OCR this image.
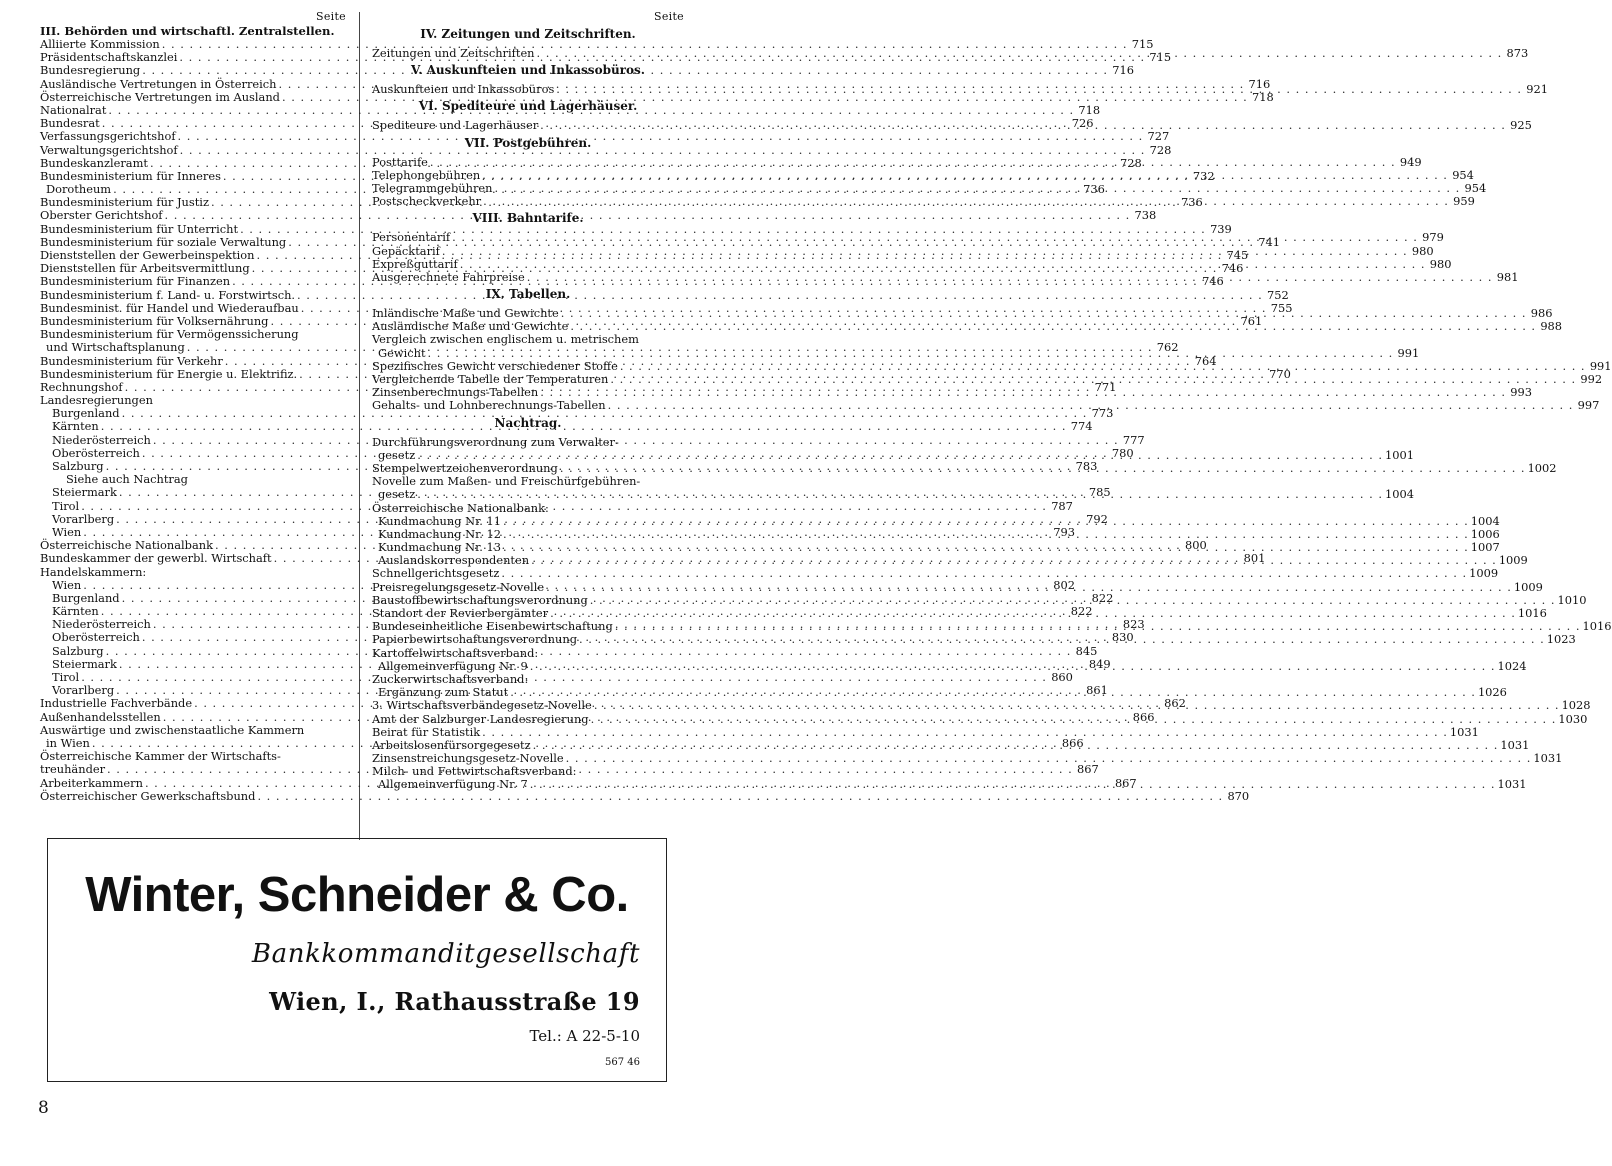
Seite
III. Behörden und wirtschaftl. Zentralstellen.
Alliierte Kommission . . .	715
Präsidentschaftskanzlei . . .	715
Bundesregierung . . .	716
Ausländische Vertretungen in Österreich . . .	716
Österreichische Vertretungen im Ausland . . .	718
Nationalrat . . .	718
Bundesrat . . .	726
Verfassungsgerichtshof . . .	727
Verwaltungsgerichtshof . . .	728
Bundeskanzleramt . . .	728
Bundesministerium für Inneres . . .	732
Dorotheum . . .	736
Bundesministerium für Justiz . . .	736
Oberster Gerichtshof . . .	738
Bundesministerium für Unterricht . . .	739
Bundesministerium für soziale Verwaltung . . .	741
Dienststellen der Gewerbeinspektion . . .	745
Dienststellen für Arbeitsvermittlung . . .	746
Bundesministerium für Finanzen . . .	746
Bundesministerium f. Land- u. Forstwirtsch. . . .	752
Bundesminist. für Handel und Wiederaufbau . . .	755
Bundesministerium für Volksernährung . . .	761
Bundesministerium für Vermögenssicherung
und Wirtschaftsplanung . . .	762
Bundesministerium für Verkehr . . .	764
Bundesministerium für Energie u. Elektrifiz. . . .	770
Rechnungshof . . .	771
Landesregierungen
Burgenland . . .	773
Kärnten . . .	774
Niederösterreich . . .	777
Oberösterreich . . .	780
Salzburg . . .	783
Siehe auch Nachtrag
Steiermark . . .	785
Tirol . . .	787
Vorarlberg . . .	792
Wien . . .	793
Österreichische Nationalbank . . .	800
Bundeskammer der gewerbl. Wirtschaft . . .	801
Handelskammern:
Wien . . .	802
Burgenland . . .	822
Kärnten . . .	822
Niederösterreich . . .	823
Oberösterreich . . .	830
Salzburg . . .	845
Steiermark . . .	849
Tirol . . .	860
Vorarlberg . . .	861
Industrielle Fachverbände . . .	862
Außenhandelsstellen . . .	866
Auswärtige und zwischenstaatliche Kammern
in Wien . . .	866
Österreichische Kammer der Wirtschafts-
treuhänder . . .	867
Arbeiterkammern . . .	867
Österreichischer Gewerkschaftsbund . . .	870
Seite
IV. Zeitungen und Zeitschriften.
Zeitungen und Zeitschriften . . .	873
V. Auskunfteien und Inkassobüros.
Auskunfteien und Inkassobüros . . .	921
VI. Spediteure und Lagerhäuser.
Spediteure und Lagerhäuser . . .	925
VII. Postgebühren.
Posttarife . . .	949
Telephongebühren . . .	954
Telegrammgebühren . . .	954
Postscheckverkehr . . .	959
VIII. Bahntarife.
Personentarif . . .	979
Gepäcktarif . . .	980
Expreßguttarif . . .	980
Ausgerechnete Fahrpreise . . .	981
IX. Tabellen.
Inländische Maße und Gewichte . . .	986
Ausländische Maße und Gewichte . . .	988
Vergleich zwischen englischem u. metrischem
Gewicht . . .	991
Spezifisches Gewicht verschiedener Stoffe . . .	991
Vergleichende Tabelle der Temperaturen . . .	992
Zinsenberechnungs-Tabellen . . .	993
Gehalts- und Lohnberechnungs-Tabellen . . .	997
Nachtrag.
Durchführungsverordnung zum Verwalter-
gesetz . . .	1001
Stempelwertzeichenverordnung . . .	1002
Novelle zum Maßen- und Freischürfgebühren-
gesetz . . .	1004
Österreichische Nationalbank:
Kundmachung Nr. 11 . . .	1004
Kundmachung Nr. 12 . . .	1006
Kundmachung Nr. 13 . . .	1007
Auslandskorrespondenten . . .	1009
Schnellgerichtsgesetz . . .	1009
Preisregelungsgesetz-Novelle . . .	1009
Baustoffbewirtschaftungsverordnung . . .	1010
Standort der Revierbergämter . . .	1016
Bundeseinheitliche Eisenbewirtschaftung . . .	1016
Papierbewirtschaftungsverordnung . . .	1023
Kartoffelwirtschaftsverband:
Allgemeinverfügung Nr. 9 . . .	1024
Zuckerwirtschaftsverband:
Ergänzung zum Statut . . .	1026
3. Wirtschaftsverbändegesetz-Novelle . . .	1028
Amt der Salzburger Landesregierung . . .	1030
Beirat für Statistik . . .	1031
Arbeitslosenfürsorgegesetz . . .	1031
Zinsenstreichungsgesetz-Novelle . . .	1031
Milch- und Fettwirtschaftsverband:
Allgemeinverfügung Nr. 7 . . .	1031
Winter, Schneider & Co.
Bankkommanditgesellschaft
Wien, I., Rathausstraße 19
Tel.: A 22-5-10
567 46
8
